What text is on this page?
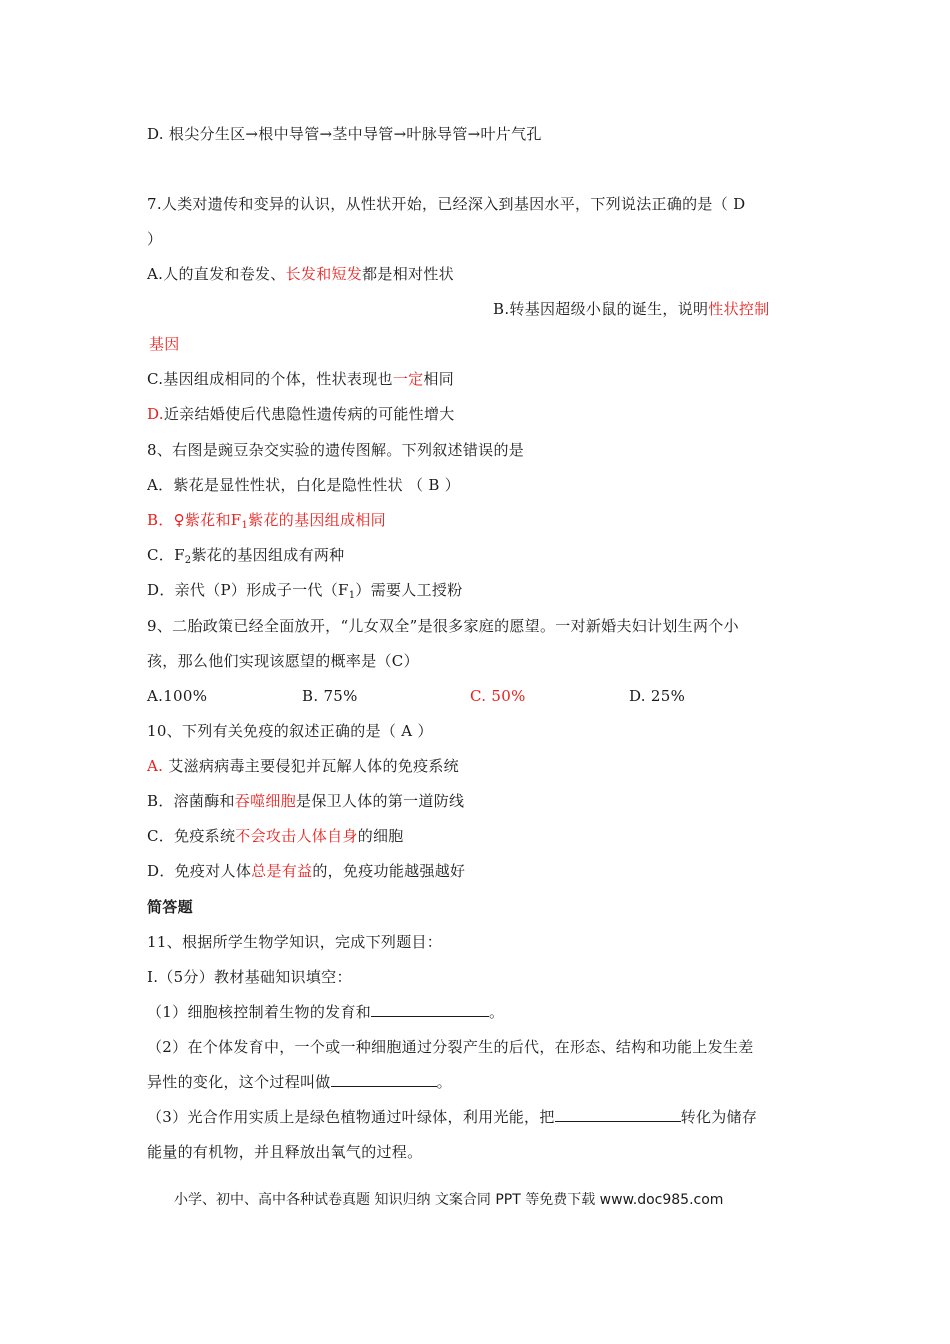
D. 根尖分生区→根中导管→茎中导管→叶脉导管→叶片气孔
7.人类对遗传和变异的认识，从性状开始，已经深入到基因水平，下列说法正确的是（ D
）
A.人的直发和卷发、长发和短发都是相对性状
B.转基因超级小鼠的诞生，说明性状控制
基因
C.基因组成相同的个体，性状表现也一定相同
D.近亲结婚使后代患隐性遗传病的可能性增大
8、右图是豌豆杂交实验的遗传图解。下列叙述错误的是
A．紫花是显性性状，白化是隐性性状 （ B ）
B．♀紫花和$F_1$紫花的基因组成相同
C．$F_2$紫花的基因组成有两种
D．亲代（P）形成子一代$(F_1)$需要人工授粉
9、二胎政策已经全面放开，“儿女双全”是很多家庭的愿望。一对新婚夫妇计划生两个小
孩，那么他们实现该愿望的概率是（C）
A.100%	B. 75%	C. 50%	D. 25%
10、下列有关免疫的叙述正确的是（ A ）
A. 艾滋病病毒主要侵犯并瓦解人体的免疫系统
B．溶菌酶和吞噬细胞是保卫人体的第一道防线
C．免疫系统不会攻击人体自身的细胞
D．免疫对人体总是有益的，免疫功能越强越好
简答题
11、根据所学生物学知识，完成下列题目：
Ⅰ.（5分）教材基础知识填空：
（1）细胞核控制着生物的发育和	。
（2）在个体发育中，一个或一种细胞通过分裂产生的后代，在形态、结构和功能上发生差
异性的变化，这个过程叫做	。
（3）光合作用实质上是绿色植物通过叶绿体，利用光能，把	转化为储存
能量的有机物，并且释放出氧气的过程。
小学、初中、高中各种试卷真题 知识归纳 文案合同 PPT 等免费下载 www.doc985.com
